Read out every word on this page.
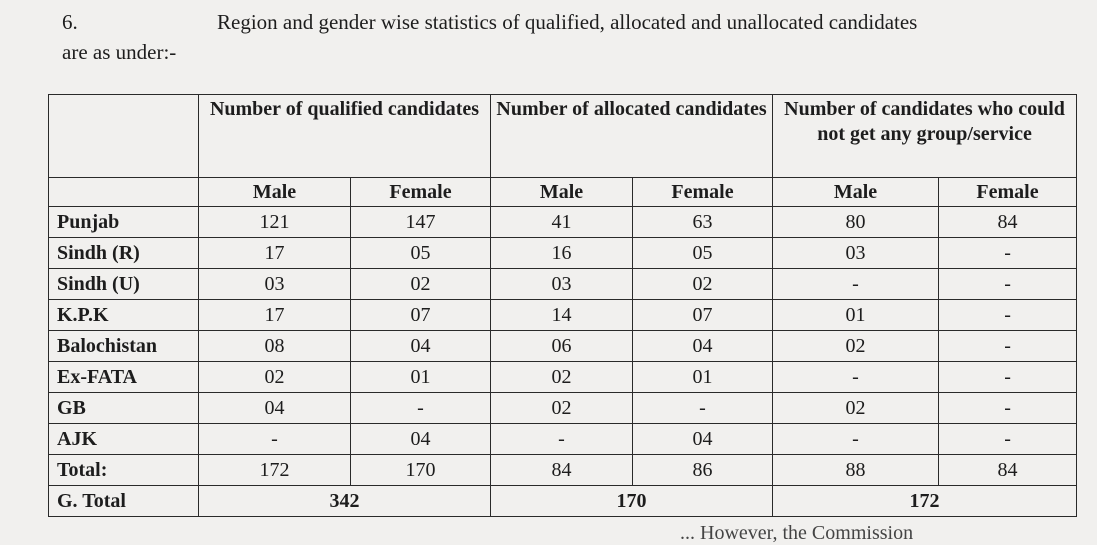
6.	Region and gender wise statistics of qualified, allocated and unallocated candidates
are as under:-
	Number of qualified candidates		Number of allocated candidates		Number of candidates who could not get any group/service	
	Male	Female	Male	Female	Male	Female
Punjab	121	147	41	63	80	84
Sindh (R)	17	05	16	05	03	-
Sindh (U)	03	02	03	02	-	-
K.P.K	17	07	14	07	01	-
Balochistan	08	04	06	04	02	-
Ex-FATA	02	01	02	01	-	-
GB	04	-	02	-	02	-
AJK	-	04	-	04	-	-
Total:	172	170	84	86	88	84
G. Total	342		170		172	
... However, the Commission
